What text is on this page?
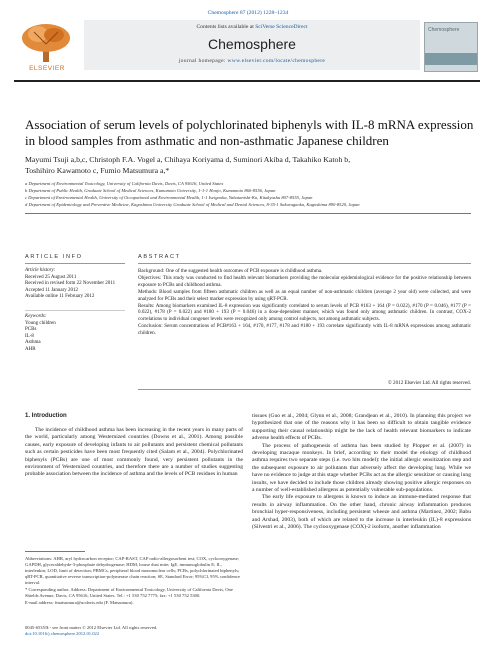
Chemosphere 87 (2012) 1228–1234
ELSEVIER
Contents lists available at SciVerse ScienceDirect
Chemosphere
journal homepage: www.elsevier.com/locate/chemosphere
Chemosphere
Association of serum levels of polychlorinated biphenyls with IL-8 mRNA expression in blood samples from asthmatic and non-asthmatic Japanese children
Mayumi Tsuji a,b,c, Christoph F.A. Vogel a, Chihaya Koriyama d, Suminori Akiba d, Takahiko Katoh b,
Toshihiro Kawamoto c, Fumio Matsumura a,*
a Department of Environmental Toxicology, University of California Davis, Davis, CA 95616, United States
b Department of Public Health, Graduate School of Medical Sciences, Kumamoto University, 1-1-1 Honjo, Kumamoto 860-8556, Japan
c Department of Environmental Health, University of Occupational and Environmental Health, 1-1 Iseigaoka, Yahatanishi-Ku, Kitakyushu 807-8555, Japan
d Department of Epidemiology and Preventive Medicine, Kagoshima University Graduate School of Medical and Dental Sciences, 8-35-1 Sakuragaoka, Kagoshima 890-8520, Japan
ARTICLE INFO
Article history:
Received 25 August 2011
Received in revised form 22 November 2011
Accepted 11 January 2012
Available online 11 February 2012
Keywords:
Young children
PCBs
IL-8
Asthma
AHR
ABSTRACT

Background: One of the suggested health outcomes of PCB exposure is childhood asthma.

Objectives: This study was conducted to find health relevant biomarkers providing the molecular epidemiological evidence for the positive relationship between exposure to PCBs and childhood asthma.

Methods: Blood samples from fifteen asthmatic children as well as an equal number of non-asthmatic children (average 2 year old) were collected, and were analyzed for PCBs and their select marker expression by using qRT-PCR.

Results: Among biomarkers examined IL-8 expression was significantly correlated to serum levels of PCB #163 + 164 (P = 0.022), #170 (P = 0.046), #177 (P = 0.022), #178 (P = 0.022) and #180 + 193 (P = 0.046) in a dose-dependent manner, which was found only among asthmatic children. In contrast, COX-2 correlations to individual congener levels were recognized only among control subjects, not among asthmatic subjects.

Conclusion: Serum concentrations of PCB#163 + 164, #170, #177, #178 and #180 + 193 correlate significantly with IL-8 mRNA expressions among asthmatic children.

© 2012 Elsevier Ltd. All rights reserved.
1. Introduction

The incidence of childhood asthma has been increasing in the recent years in many parts of the world, particularly among Westernized countries (Downs et al., 2001). Among possible causes, early exposure of developing infants to air pollutants and persistent chemical pollutants such as certain pesticides have been most frequently cited (Salam et al., 2004). Polychlorinated biphenyls (PCBs) are one of most commonly found, very persistent pollutants in the environment of Westernized countries, and therefore there are a number of studies suggesting probable association between the incidence of asthma and the levels of PCB residues in human

tissues (Guo et al., 2004; Glynn et al., 2008; Grandjean et al., 2010). In planning this project we hypothesized that one of the reasons why it has been so difficult to obtain tangible evidence supporting their causal relationship might be the lack of health relevant biomarkers to indicate adverse health effects of PCBs.

The process of pathogenesis of asthma has been studied by Plopper et al. (2007) in developing macaque monkeys. In brief, according to their model the etiology of childhood asthma requires two separate steps (i.e. two hits model): the initial allergic sensitization step and the subsequent exposure to air pollutants that adversely affect the developing lung. While we have no evidence to judge at this stage whether PCBs act as the allergic sensitizer or causing lung insults, we have decided to include those children already showing positive allergic responses on a number of well-established allergens as potentially vulnerable sub-populations.

The early life exposure to allergens is known to induce an immune-mediated response that results in airway inflammation. On the other hand, chronic airway inflammation produces bronchial hyper-responsiveness, including persistent wheeze and asthma (Martinez, 2002; Babu and Arshad, 2003), both of which are related to the increase in interleukin (IL)-8 expressions (Silvestri et al., 2006). The cyclooxygenase (COX)-2 isoform, another inflammation

Abbreviations: AHR, aryl hydrocarbon receptor; CAP-RAST, CAP radio-allergosorbent test; COX, cyclooxygenase; GAPDH, glyceraldehyde-3-phosphate dehydrogenase; HDM, house dust mite; IgE, immunoglobulin E; IL, interleukin; LOD, limit of detection; PBMCs, peripheral blood mononuclear cells; PCBs, polychlorinated biphenyls; qRT-PCR, quantitative reverse transcription-polymerase chain reaction; SE, Standard Error; 95%CI, 95% confidence interval.

* Corresponding author. Address: Department of Environmental Toxicology, University of California Davis, One Shields Avenue, Davis, CA 95616, United States. Tel.: +1 530 752 7775; fax: +1 530 752 5300.

E-mail address: fmatsumura@ucdavis.edu (F. Matsumura).

0045-6535/$ - see front matter © 2012 Elsevier Ltd. All rights reserved.
doi:10.1016/j.chemosphere.2012.01.022
